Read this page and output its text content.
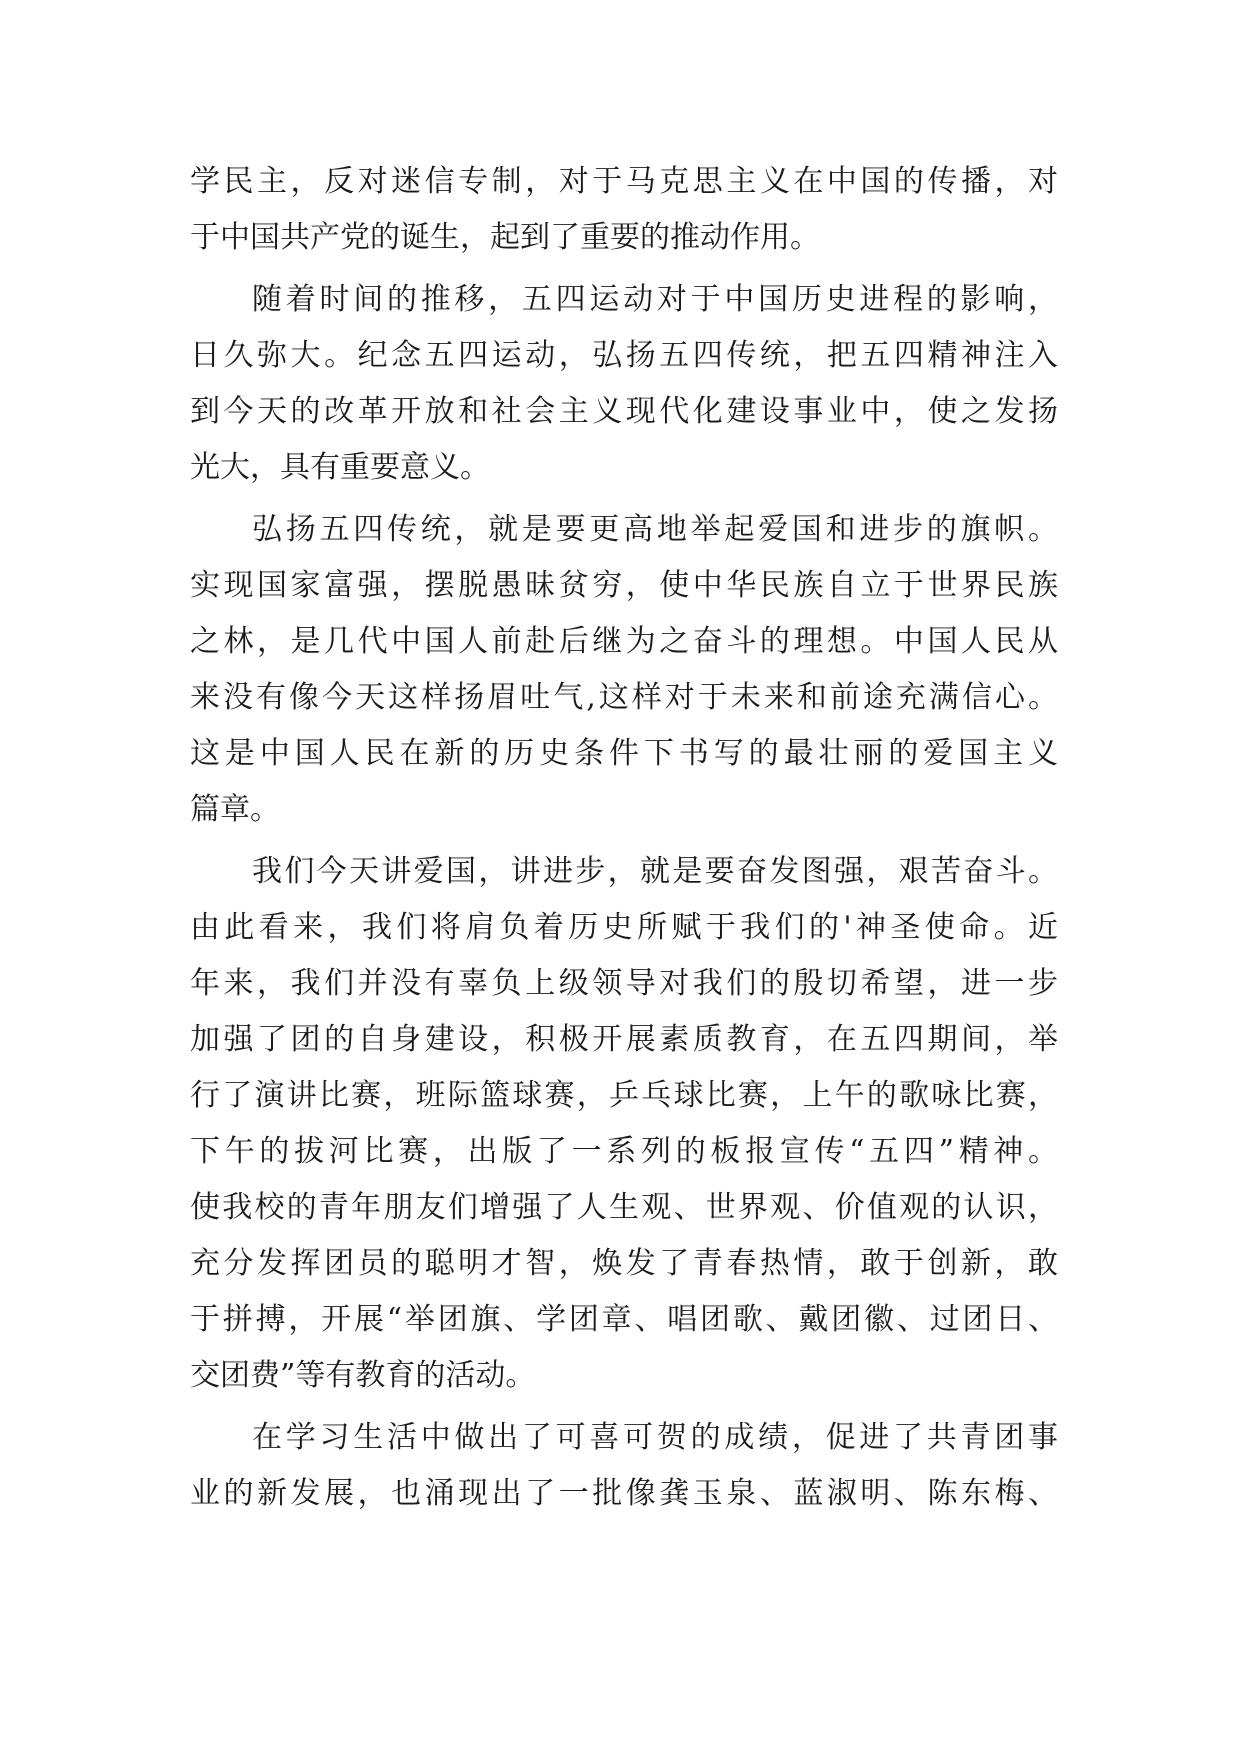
学民主，反对迷信专制，对于马克思主义在中国的传播，对
于中国共产党的诞生，起到了重要的推动作用。
随着时间的推移，五四运动对于中国历史进程的影响，
日久弥大。纪念五四运动，弘扬五四传统，把五四精神注入
到今天的改革开放和社会主义现代化建设事业中，使之发扬
光大，具有重要意义。
弘扬五四传统，就是要更高地举起爱国和进步的旗帜。
实现国家富强，摆脱愚昧贫穷，使中华民族自立于世界民族
之林，是几代中国人前赴后继为之奋斗的理想。中国人民从
来没有像今天这样扬眉吐气,这样对于未来和前途充满信心。
这是中国人民在新的历史条件下书写的最壮丽的爱国主义
篇章。
我们今天讲爱国，讲进步，就是要奋发图强，艰苦奋斗。
由此看来，我们将肩负着历史所赋于我们的'神圣使命。近
年来，我们并没有辜负上级领导对我们的殷切希望，进一步
加强了团的自身建设，积极开展素质教育，在五四期间，举
行了演讲比赛，班际篮球赛，乒乓球比赛，上午的歌咏比赛，
下午的拔河比赛，出版了一系列的板报宣传“五四”精神。
使我校的青年朋友们增强了人生观、世界观、价值观的认识，
充分发挥团员的聪明才智，焕发了青春热情，敢于创新，敢
于拼搏，开展“举团旗、学团章、唱团歌、戴团徽、过团日、
交团费”等有教育的活动。
在学习生活中做出了可喜可贺的成绩，促进了共青团事
业的新发展，也涌现出了一批像龚玉泉、蓝淑明、陈东梅、
